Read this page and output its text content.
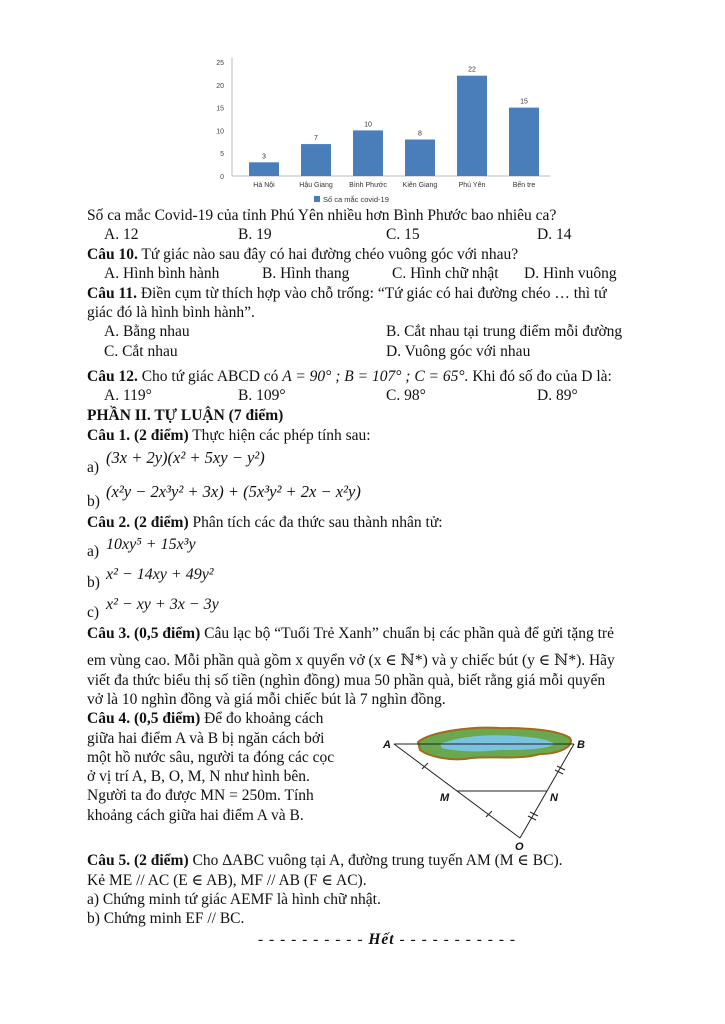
0
5
10
15
20
25
3
7
10
8
22
15
Hà Nội	Hậu Giang Bình Phước Kiên Giang	Phú Yên	Bến tre
Số ca mắc covid-19
Số ca mắc Covid-19 của tỉnh Phú Yên nhiều hơn Bình Phước bao nhiêu ca?
A. 12	B. 19	C. 15	D. 14
Câu 10. Tứ giác nào sau đây có hai đường chéo vuông góc với nhau?
A. Hình bình hành	B. Hình thang	C. Hình chữ nhật D. Hình vuông
Câu 11. Điền cụm từ thích hợp vào chỗ trống: “Tứ giác có hai đường chéo … thì tứ
giác đó là hình bình hành”.
A. Bằng nhau	B. Cắt nhau tại trung điểm mỗi đường
C. Cắt nhau	D. Vuông góc với nhau
Câu 12. Cho tứ giác ABCD có A = 90° ; B = 107° ; C = 65°. Khi đó số đo của D là:
A. 119°	B. 109°	C. 98°	D. 89°
PHẦN II. TỰ LUẬN (7 điểm)
Câu 1. (2 điểm) Thực hiện các phép tính sau:
a)
(3x + 2y)(x² + 5xy − y²)
b)
(x²y − 2x³y² + 3x) + (5x³y² + 2x − x²y)
Câu 2. (2 điểm) Phân tích các đa thức sau thành nhân tử:
a) 10xy⁵ + 15x³y
b) x² − 14xy + 49y²
c) x² − xy + 3x − 3y
Câu 3. (0,5 điểm) Câu lạc bộ “Tuổi Trẻ Xanh” chuẩn bị các phần quà để gửi tặng trẻ
em vùng cao. Mỗi phần quà gồm x quyển vở (x ∈ ℕ*) và y chiếc bút (y ∈ ℕ*). Hãy
viết đa thức biểu thị số tiền (nghìn đồng) mua 50 phần quà, biết rằng giá mỗi quyển
vở là 10 nghìn đồng và giá mỗi chiếc bút là 7 nghìn đồng.
Câu 4. (0,5 điểm) Để đo khoảng cách
giữa hai điểm A và B bị ngăn cách bởi
một hồ nước sâu, người ta đóng các cọc
ở vị trí A, B, O, M, N như hình bên.
Người ta đo được MN = 250m. Tính
khoảng cách giữa hai điểm A và B.
A	B
M	N
O
Câu 5. (2 điểm) Cho ΔABC vuông tại A, đường trung tuyến AM (M ∈ BC).
Kẻ ME // AC (E ∈ AB), MF // AB (F ∈ AC).
a) Chứng minh tứ giác AEMF là hình chữ nhật.
b) Chứng minh EF // BC.
- - - - - - - - - - Hết - - - - - - - - - - -
